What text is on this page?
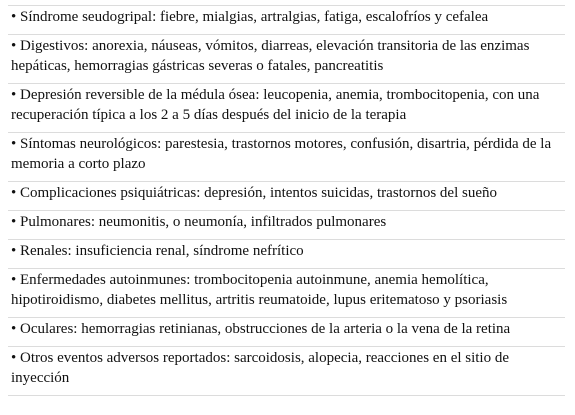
• Síndrome seudogripal: fiebre, mialgias, artralgias, fatiga, escalofríos y cefalea
• Digestivos: anorexia, náuseas, vómitos, diarreas, elevación transitoria de las enzimas hepáticas, hemorragias gástricas severas o fatales, pancreatitis
• Depresión reversible de la médula ósea: leucopenia, anemia, trombocitopenia, con una recuperación típica a los 2 a 5 días después del inicio de la terapia
• Síntomas neurológicos: parestesia, trastornos motores, confusión, disartria, pérdida de la memoria a corto plazo
• Complicaciones psiquiátricas: depresión, intentos suicidas, trastornos del sueño
• Pulmonares: neumonitis, o neumonía, infiltrados pulmonares
• Renales: insuficiencia renal, síndrome nefrítico
• Enfermedades autoinmunes: trombocitopenia autoinmune, anemia hemolítica, hipotiroidismo, diabetes mellitus, artritis reumatoide, lupus eritematoso y psoriasis
• Oculares: hemorragias retinianas, obstrucciones de la arteria o la vena de la retina
• Otros eventos adversos reportados: sarcoidosis, alopecia, reacciones en el sitio de inyección
